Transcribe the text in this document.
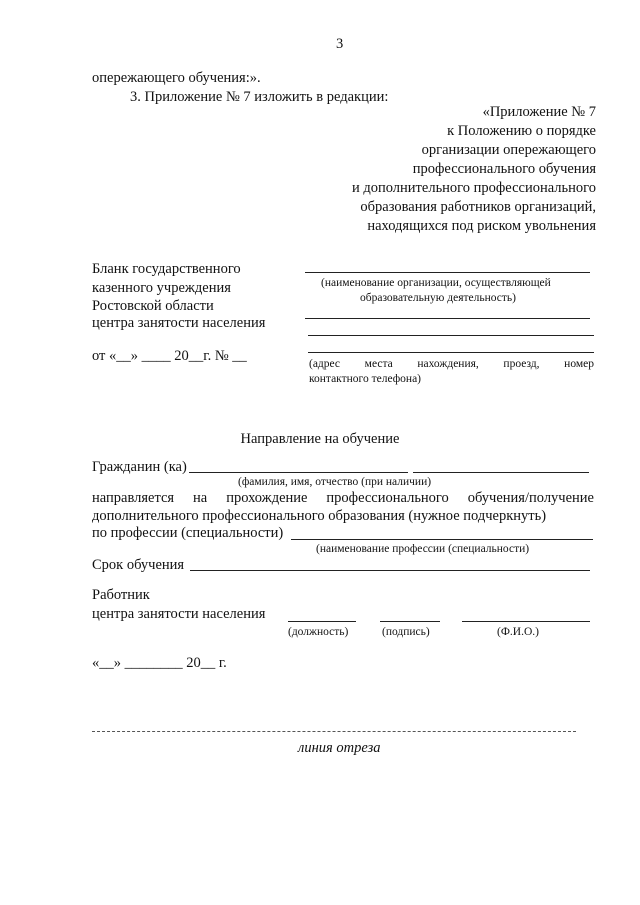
3
опережающего обучения:».
3. Приложение № 7 изложить в редакции:
«Приложение № 7
к Положению о порядке
организации опережающего
профессионального обучения
и дополнительного профессионального
образования работников организаций,
находящихся под риском увольнения
Бланк государственного
казенного учреждения
Ростовской области
центра занятости населения
от «__» ____ 20__г. № __
(наименование организации, осуществляющей
образовательную деятельность)
(адрес места нахождения, проезд, номер
контактного телефона)
Направление на обучение
Гражданин (ка)
(фамилия, имя, отчество (при наличии)
направляется на прохождение профессионального обучения/получение
дополнительного профессионального образования (нужное подчеркнуть)
по профессии (специальности)
(наименование профессии (специальности)
Срок обучения
Работник
центра занятости населения
(должность)	(подпись)	(Ф.И.О.)
«__» ________ 20__ г.
линия отреза
